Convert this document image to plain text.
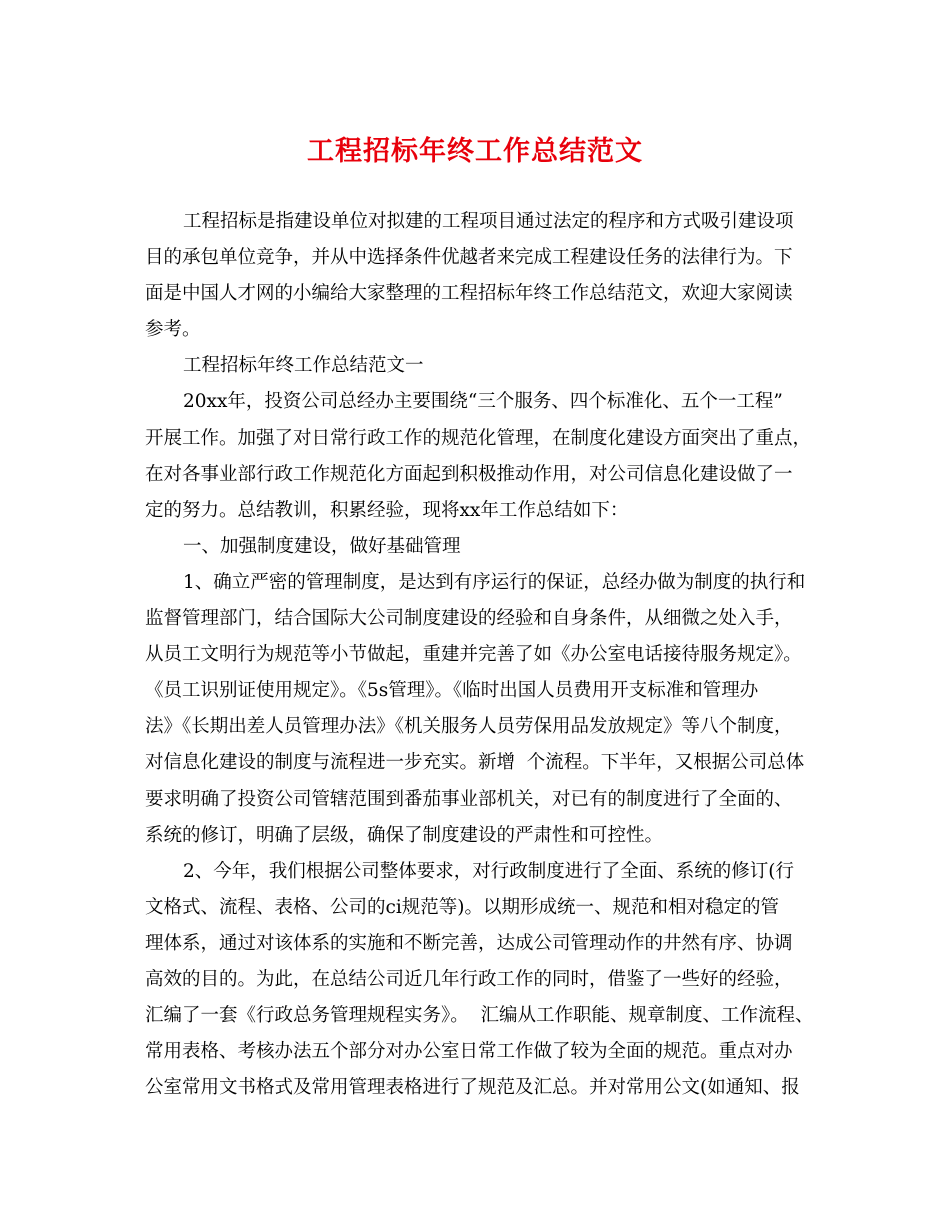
工程招标年终工作总结范文
工程招标是指建设单位对拟建的工程项目通过法定的程序和方式吸引建设项
目的承包单位竞争，并从中选择条件优越者来完成工程建设任务的法律行为。下
面是中国人才网的小编给大家整理的工程招标年终工作总结范文，欢迎大家阅读
参考。
工程招标年终工作总结范文一
20xx年，投资公司总经办主要围绕“三个服务、四个标准化、五个一工程”
开展工作。加强了对日常行政工作的规范化管理，在制度化建设方面突出了重点，
在对各事业部行政工作规范化方面起到积极推动作用，对公司信息化建设做了一
定的努力。总结教训，积累经验，现将xx年工作总结如下：
一、加强制度建设，做好基础管理
1、确立严密的管理制度，是达到有序运行的保证，总经办做为制度的执行和
监督管理部门，结合国际大公司制度建设的经验和自身条件，从细微之处入手，
从员工文明行为规范等小节做起，重建并完善了如《办公室电话接待服务规定》。
《员工识别证使用规定》。《5s管理》。《临时出国人员费用开支标准和管理办
法》《长期出差人员管理办法》《机关服务人员劳保用品发放规定》等八个制度，
对信息化建设的制度与流程进一步充实。新增  个流程。下半年，又根据公司总体
要求明确了投资公司管辖范围到番茄事业部机关，对已有的制度进行了全面的、
系统的修订，明确了层级，确保了制度建设的严肃性和可控性。
2、今年，我们根据公司整体要求，对行政制度进行了全面、系统的修订(行
文格式、流程、表格、公司的ci规范等)。以期形成统一、规范和相对稳定的管
理体系，通过对该体系的实施和不断完善，达成公司管理动作的井然有序、协调
高效的目的。为此，在总结公司近几年行政工作的同时，借鉴了一些好的经验，
汇编了一套《行政总务管理规程实务》。  汇编从工作职能、规章制度、工作流程、
常用表格、考核办法五个部分对办公室日常工作做了较为全面的规范。重点对办
公室常用文书格式及常用管理表格进行了规范及汇总。并对常用公文(如通知、报
